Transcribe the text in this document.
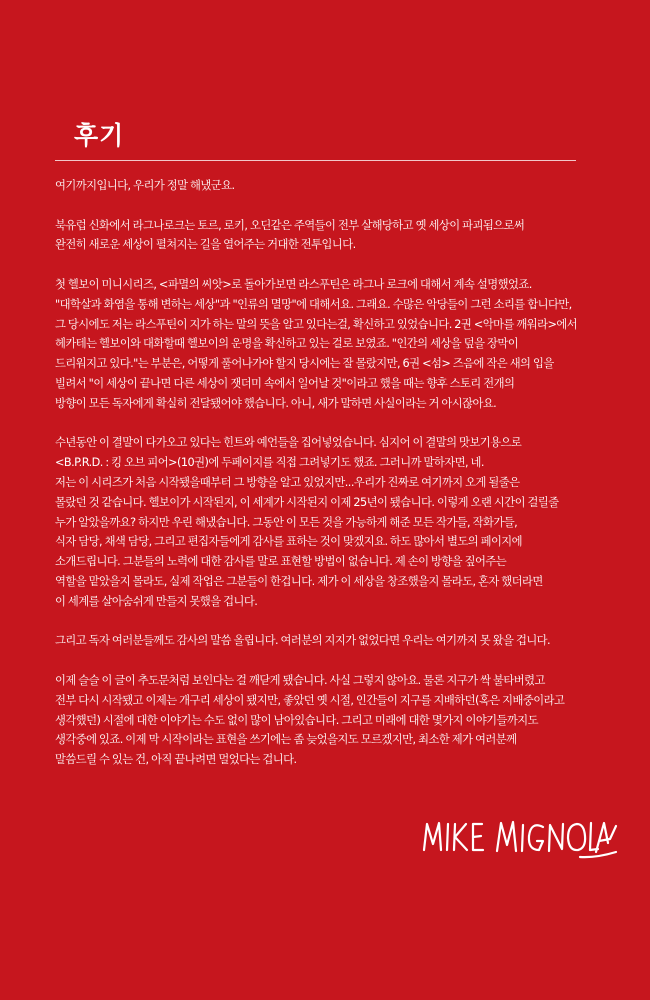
후기

여기까지입니다, 우리가 정말 해냈군요.

북유럽 신화에서 라그나로크는 토르, 로키, 오딘같은 주역들이 전부 살해당하고 옛 세상이 파괴됨으로써
완전히 새로운 세상이 펼쳐지는 길을 열어주는 거대한 전투입니다.

첫 헬보이 미니시리즈, <파멸의 씨앗>로 돌아가보면 라스푸틴은 라그나 로크에 대해서 계속 설명했었죠.
"대학살과 화염을 통해 변하는 세상"과 "인류의 멸망"에 대해서요. 그래요. 수많은 악당들이 그런 소리를 합니다만,
그 당시에도 저는 라스푸틴이 지가 하는 말의 뜻을 알고 있다는걸, 확신하고 있었습니다. 2권 <악마를 깨워라>에서
헤카테는 헬보이와 대화할때 헬보이의 운명을 확신하고 있는 걸로 보였죠. "인간의 세상을 덮을 장막이
드리워지고 있다."는 부분은, 어떻게 풀어나가야 할지 당시에는 잘 몰랐지만, 6권 <섬> 즈음에 작은 새의 입을
빌려서 "이 세상이 끝나면 다른 세상이 잿더미 속에서 일어날 것"이라고 했을 때는 향후 스토리 전개의
방향이 모든 독자에게 확실히 전달됐어야 했습니다. 아니, 새가 말하면 사실이라는 거 아시잖아요.

수년동안 이 결말이 다가오고 있다는 힌트와 예언들을 집어넣었습니다. 심지어 이 결말의 맛보기용으로
<B.P.R.D. : 킹 오브 피어>(10권)에 두페이지를 직접 그려넣기도 했죠. 그러니까 말하자면, 네.
저는 이 시리즈가 처음 시작됐을때부터 그 방향을 알고 있었지만...우리가 진짜로 여기까지 오게 될줄은
몰랐던 것 같습니다. 헬보이가 시작된지, 이 세계가 시작된지 이제 25년이 됐습니다. 이렇게 오랜 시간이 걸릴줄
누가 알았을까요? 하지만 우린 해냈습니다. 그동안 이 모든 것을 가능하게 해준 모든 작가들, 작화가들,
식자 담당, 채색 담당, 그리고 편집자들에게 감사를 표하는 것이 맞겠지요. 하도 많아서 별도의 페이지에
소개드립니다. 그분들의 노력에 대한 감사를 말로 표현할 방법이 없습니다. 제 손이 방향을 짚어주는
역할을 맡았을지 몰라도, 실제 작업은 그분들이 한겁니다. 제가 이 세상을 창조했을지 몰라도, 혼자 했더라면
이 세계를 살아숨쉬게 만들지 못했을 겁니다.

그리고 독자 여러분들께도 감사의 말씀 올립니다. 여러분의 지지가 없었다면 우리는 여기까지 못 왔을 겁니다.

이제 슬슬 이 글이 추도문처럼 보인다는 걸 깨닫게 됐습니다. 사실 그렇지 않아요. 물론 지구가 싹 불타버렸고
전부 다시 시작됐고 이제는 개구리 세상이 됐지만, 좋았던 옛 시절, 인간들이 지구를 지배하던(혹은 지배중이라고
생각했던) 시절에 대한 이야기는 수도 없이 많이 남아있습니다. 그리고 미래에 대한 몇가지 이야기들까지도
생각중에 있죠. 이제 막 시작이라는 표현을 쓰기에는 좀 늦었을지도 모르겠지만, 최소한 제가 여러분께
말씀드릴 수 있는 건, 아직 끝나려면 멀었다는 겁니다.
